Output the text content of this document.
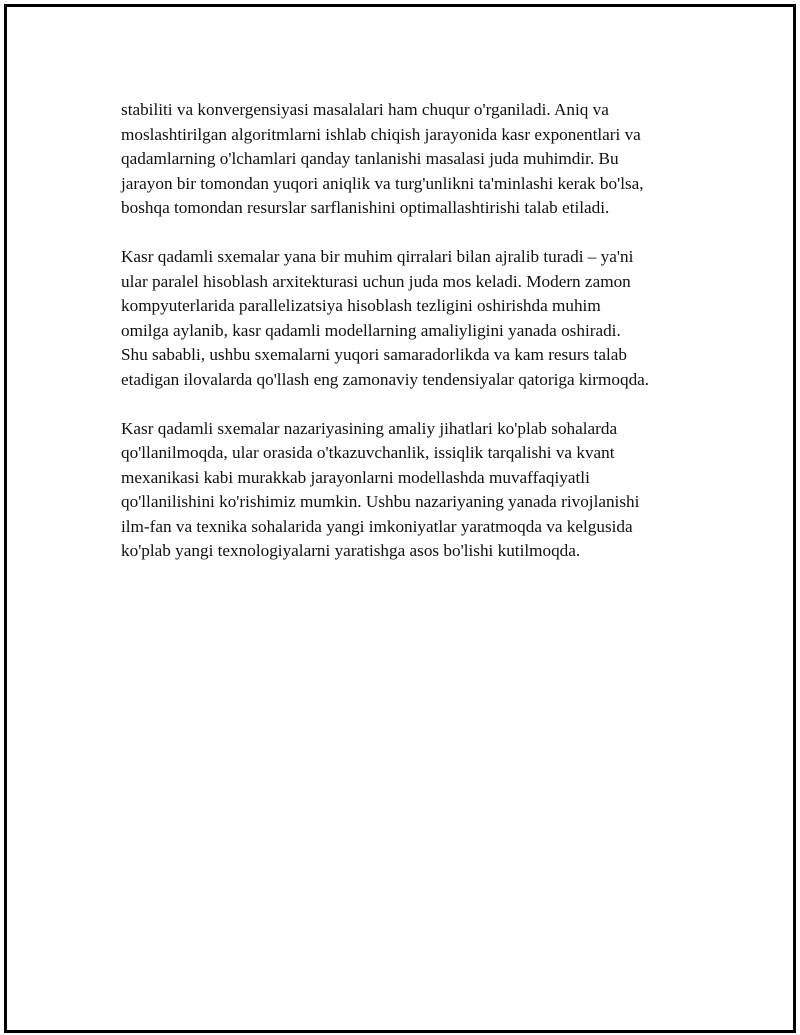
stabiliti va konvergensiyasi masalalari ham chuqur o'rganiladi. Aniq va
moslashtirilgan algoritmlarni ishlab chiqish jarayonida kasr exponentlari va
qadamlarning o'lchamlari qanday tanlanishi masalasi juda muhimdir. Bu
jarayon bir tomondan yuqori aniqlik va turg'unlikni ta'minlashi kerak bo'lsa,
boshqa tomondan resurslar sarflanishini optimallashtirishi talab etiladi.

Kasr qadamli sxemalar yana bir muhim qirralari bilan ajralib turadi – ya'ni
ular paralel hisoblash arxitekturasi uchun juda mos keladi. Modern zamon
kompyuterlarida parallelizatsiya hisoblash tezligini oshirishda muhim
omilga aylanib, kasr qadamli modellarning amaliyligini yanada oshiradi.
Shu sababli, ushbu sxemalarni yuqori samaradorlikda va kam resurs talab
etadigan ilovalarda qo'llash eng zamonaviy tendensiyalar qatoriga kirmoqda.

Kasr qadamli sxemalar nazariyasining amaliy jihatlari ko'plab sohalarda
qo'llanilmoqda, ular orasida o'tkazuvchanlik, issiqlik tarqalishi va kvant
mexanikasi kabi murakkab jarayonlarni modellashda muvaffaqiyatli
qo'llanilishini ko'rishimiz mumkin. Ushbu nazariyaning yanada rivojlanishi
ilm-fan va texnika sohalarida yangi imkoniyatlar yaratmoqda va kelgusida
ko'plab yangi texnologiyalarni yaratishga asos bo'lishi kutilmoqda.
